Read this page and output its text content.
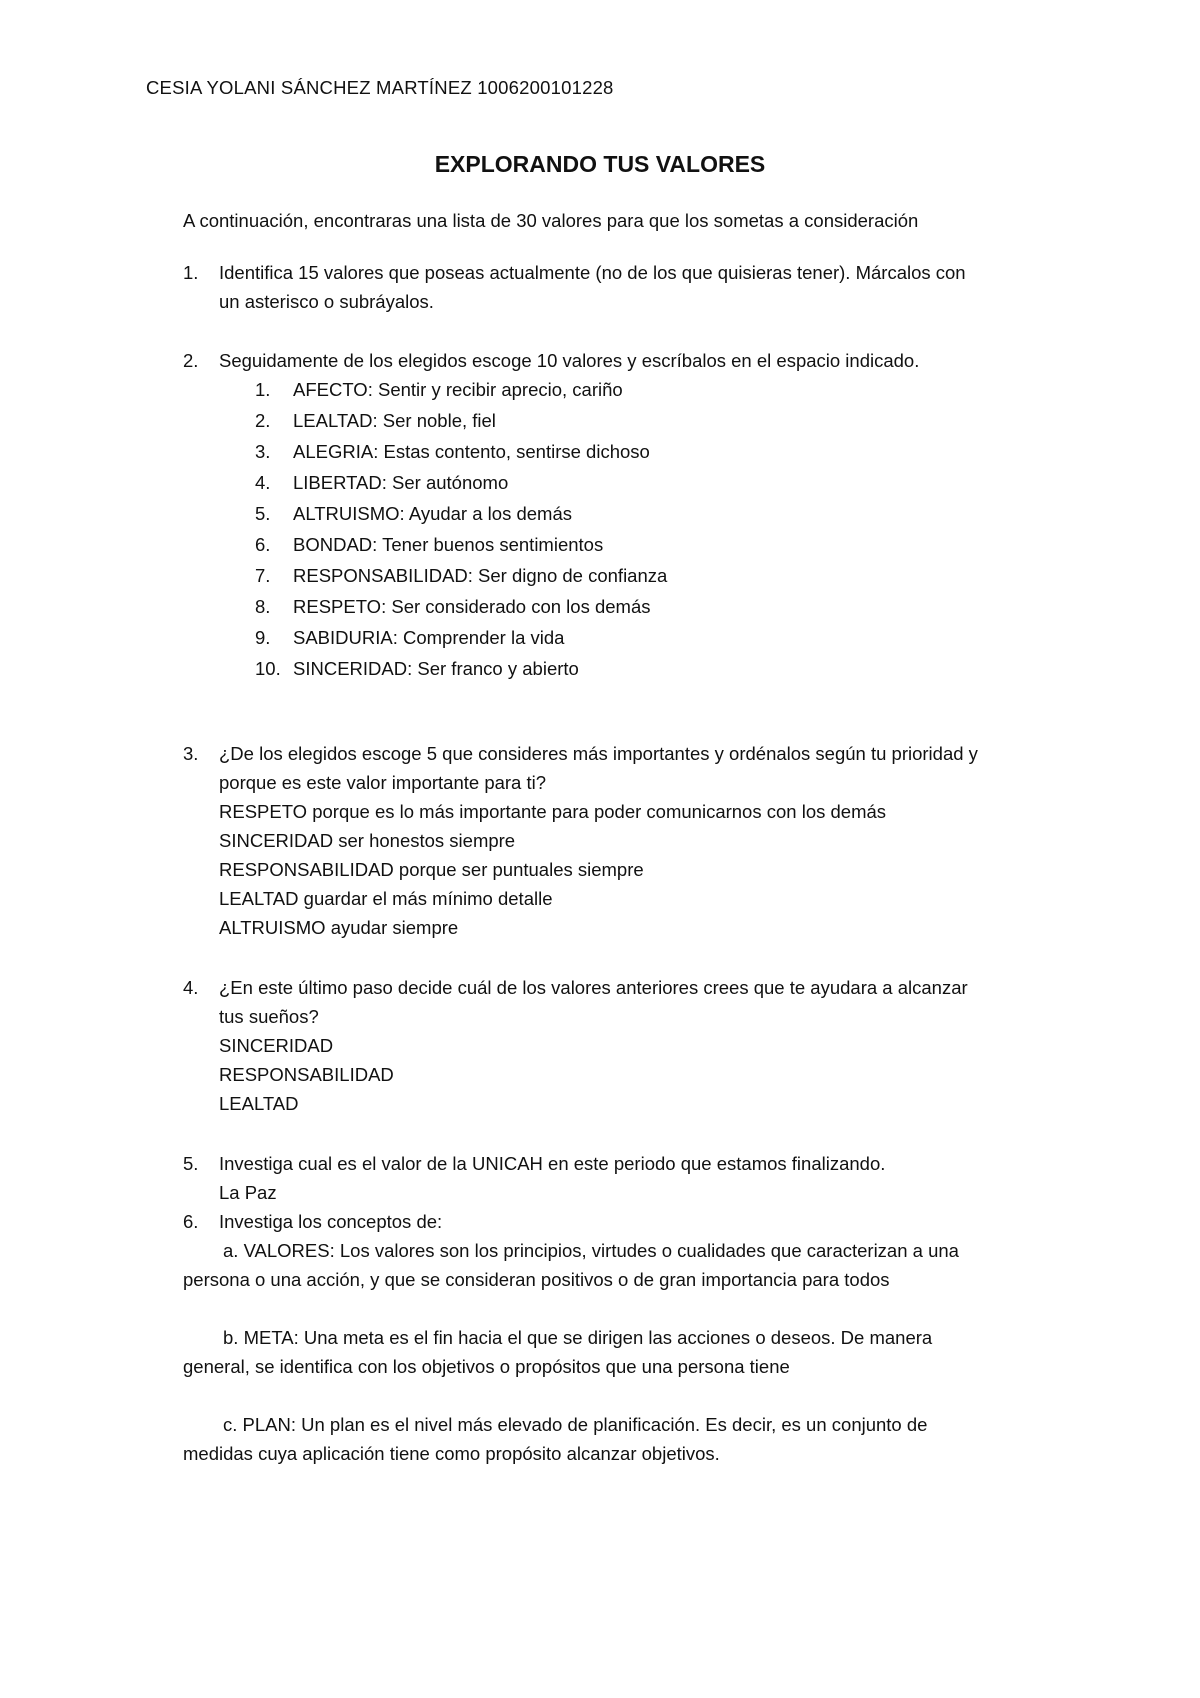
CESIA YOLANI SÁNCHEZ MARTÍNEZ 1006200101228
EXPLORANDO TUS VALORES
A continuación, encontraras una lista de 30 valores para que los sometas a consideración
1.	Identifica 15 valores que poseas actualmente (no de los que quisieras tener). Márcalos con
un asterisco o subráyalos.
2.	Seguidamente de los elegidos escoge 10 valores y escríbalos en el espacio indicado.
1. AFECTO: Sentir y recibir aprecio, cariño
2. LEALTAD: Ser noble, fiel
3. ALEGRIA: Estas contento, sentirse dichoso
4. LIBERTAD: Ser autónomo
5. ALTRUISMO: Ayudar a los demás
6. BONDAD: Tener buenos sentimientos
7. RESPONSABILIDAD: Ser digno de confianza
8. RESPETO: Ser considerado con los demás
9. SABIDURIA: Comprender la vida
10. SINCERIDAD: Ser franco y abierto
3.	¿De los elegidos escoge 5 que consideres más importantes y ordénalos según tu prioridad y
porque es este valor importante para ti?
RESPETO porque es lo más importante para poder comunicarnos con los demás
SINCERIDAD ser honestos siempre
RESPONSABILIDAD porque ser puntuales siempre
LEALTAD guardar el más mínimo detalle
ALTRUISMO ayudar siempre
4.	¿En este último paso decide cuál de los valores anteriores crees que te ayudara a alcanzar
tus sueños?
SINCERIDAD
RESPONSABILIDAD
LEALTAD
5.	Investiga cual es el valor de la UNICAH en este periodo que estamos finalizando.
La Paz
6.	Investiga los conceptos de:
a. VALORES: Los valores son los principios, virtudes o cualidades que caracterizan a una
persona o una acción, y que se consideran positivos o de gran importancia para todos
b. META: Una meta es el fin hacia el que se dirigen las acciones o deseos. De manera
general, se identifica con los objetivos o propósitos que una persona tiene
c. PLAN: Un plan es el nivel más elevado de planificación. Es decir, es un conjunto de
medidas cuya aplicación tiene como propósito alcanzar objetivos.
